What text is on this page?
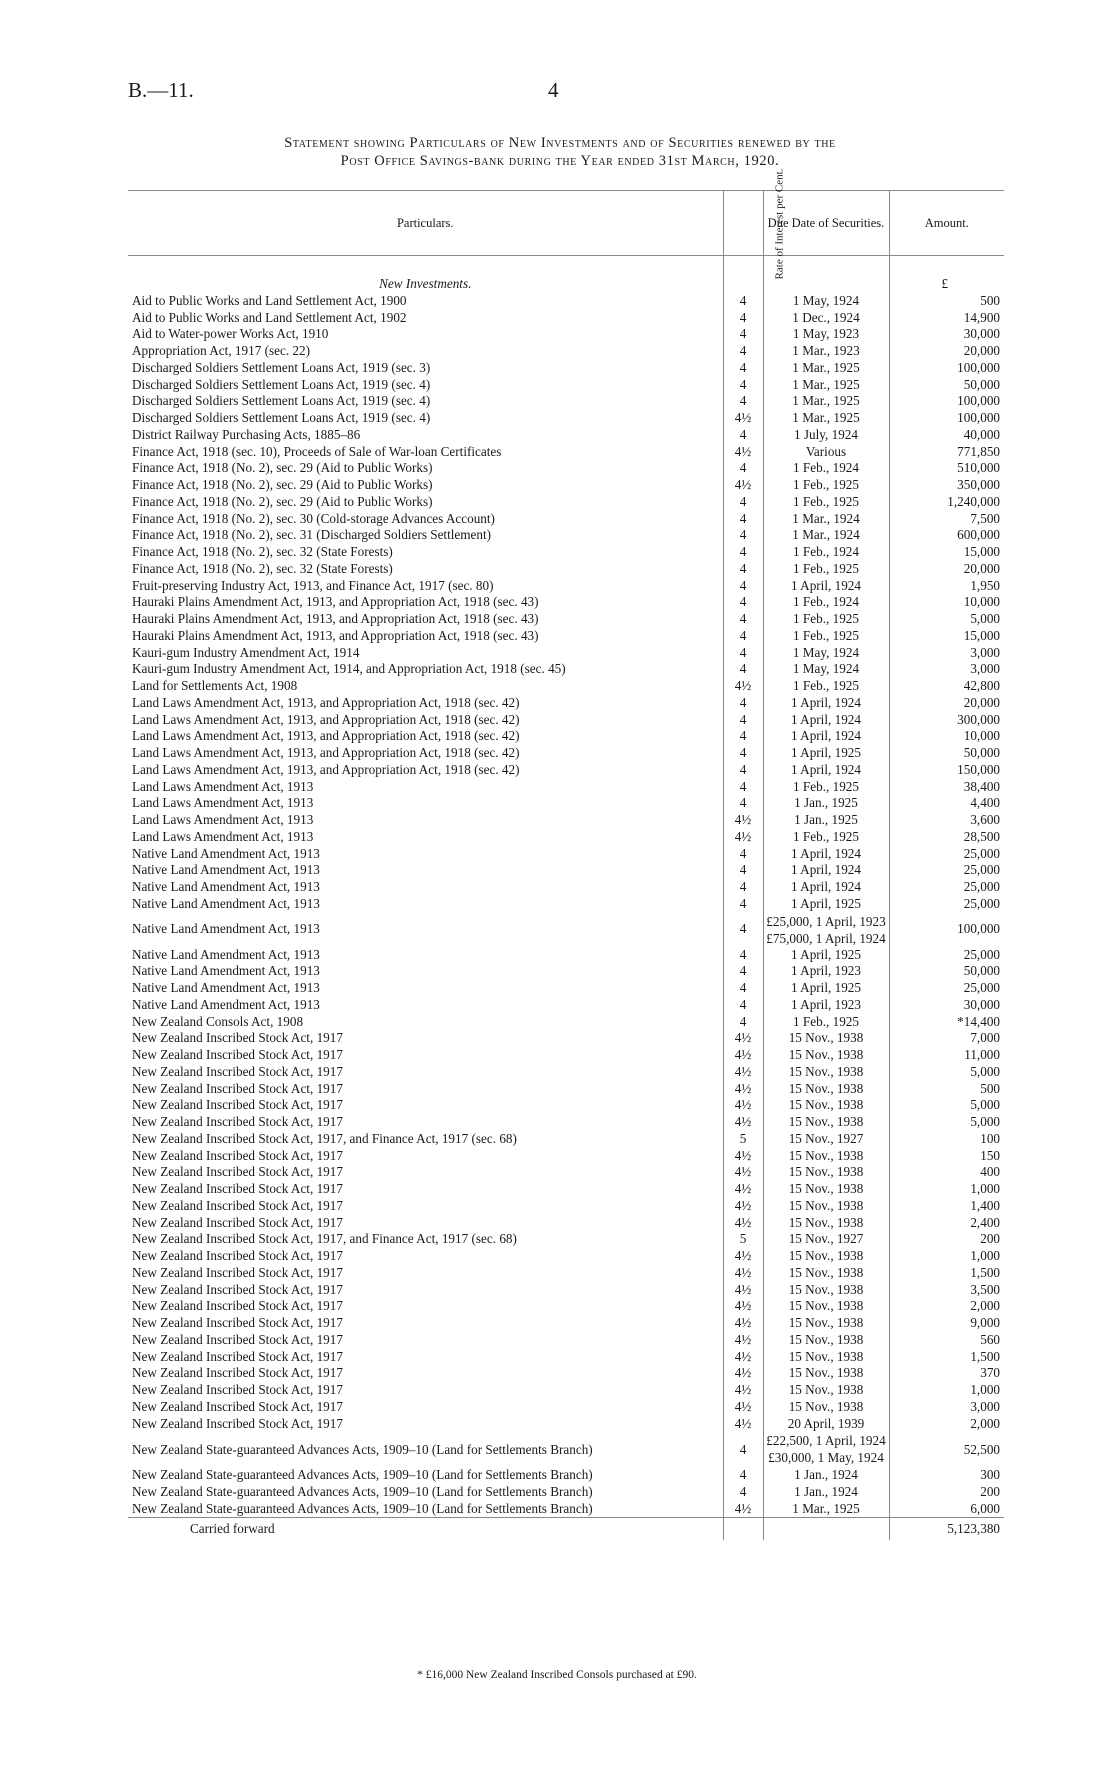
B.—11.	4
Statement showing Particulars of New Investments and of Securities renewed by the
Post Office Savings-bank during the Year ended 31st March, 1920.
Particulars.	Rate of Interest per Cent.	Due Date of Securities.	Amount.

New Investments.			£
Aid to Public Works and Land Settlement Act, 1900	4	1 May, 1924	500
Aid to Public Works and Land Settlement Act, 1902	4	1 Dec., 1924	14,900
Aid to Water-power Works Act, 1910	4	1 May, 1923	30,000
Appropriation Act, 1917 (sec. 22)	4	1 Mar., 1923	20,000
Discharged Soldiers Settlement Loans Act, 1919 (sec. 3)	4	1 Mar., 1925	100,000
Discharged Soldiers Settlement Loans Act, 1919 (sec. 4)	4	1 Mar., 1925	50,000
Discharged Soldiers Settlement Loans Act, 1919 (sec. 4)	4	1 Mar., 1925	100,000
Discharged Soldiers Settlement Loans Act, 1919 (sec. 4)	4½	1 Mar., 1925	100,000
District Railway Purchasing Acts, 1885–86	4	1 July, 1924	40,000
Finance Act, 1918 (sec. 10), Proceeds of Sale of War-loan Certificates	4½	Various	771,850
Finance Act, 1918 (No. 2), sec. 29 (Aid to Public Works)	4	1 Feb., 1924	510,000
Finance Act, 1918 (No. 2), sec. 29 (Aid to Public Works)	4½	1 Feb., 1925	350,000
Finance Act, 1918 (No. 2), sec. 29 (Aid to Public Works)	4	1 Feb., 1925	1,240,000
Finance Act, 1918 (No. 2), sec. 30 (Cold-storage Advances Account)	4	1 Mar., 1924	7,500
Finance Act, 1918 (No. 2), sec. 31 (Discharged Soldiers Settlement)	4	1 Mar., 1924	600,000
Finance Act, 1918 (No. 2), sec. 32 (State Forests)	4	1 Feb., 1924	15,000
Finance Act, 1918 (No. 2), sec. 32 (State Forests)	4	1 Feb., 1925	20,000
Fruit-preserving Industry Act, 1913, and Finance Act, 1917 (sec. 80)	4	1 April, 1924	1,950
Hauraki Plains Amendment Act, 1913, and Appropriation Act, 1918 (sec. 43)	4	1 Feb., 1924	10,000
Hauraki Plains Amendment Act, 1913, and Appropriation Act, 1918 (sec. 43)	4	1 Feb., 1925	5,000
Hauraki Plains Amendment Act, 1913, and Appropriation Act, 1918 (sec. 43)	4	1 Feb., 1925	15,000
Kauri-gum Industry Amendment Act, 1914	4	1 May, 1924	3,000
Kauri-gum Industry Amendment Act, 1914, and Appropriation Act, 1918 (sec. 45)	4	1 May, 1924	3,000
Land for Settlements Act, 1908	4½	1 Feb., 1925	42,800
Land Laws Amendment Act, 1913, and Appropriation Act, 1918 (sec. 42)	4	1 April, 1924	20,000
Land Laws Amendment Act, 1913, and Appropriation Act, 1918 (sec. 42)	4	1 April, 1924	300,000
Land Laws Amendment Act, 1913, and Appropriation Act, 1918 (sec. 42)	4	1 April, 1924	10,000
Land Laws Amendment Act, 1913, and Appropriation Act, 1918 (sec. 42)	4	1 April, 1925	50,000
Land Laws Amendment Act, 1913, and Appropriation Act, 1918 (sec. 42)	4	1 April, 1924	150,000
Land Laws Amendment Act, 1913	4	1 Feb., 1925	38,400
Land Laws Amendment Act, 1913	4	1 Jan., 1925	4,400
Land Laws Amendment Act, 1913	4½	1 Jan., 1925	3,600
Land Laws Amendment Act, 1913	4½	1 Feb., 1925	28,500
Native Land Amendment Act, 1913	4	1 April, 1924	25,000
Native Land Amendment Act, 1913	4	1 April, 1924	25,000
Native Land Amendment Act, 1913	4	1 April, 1924	25,000
Native Land Amendment Act, 1913	4	1 April, 1925	25,000
Native Land Amendment Act, 1913	4	£25,000, 1 April, 1923
£75,000, 1 April, 1924	100,000
Native Land Amendment Act, 1913	4	1 April, 1925	25,000
Native Land Amendment Act, 1913	4	1 April, 1923	50,000
Native Land Amendment Act, 1913	4	1 April, 1925	25,000
Native Land Amendment Act, 1913	4	1 April, 1923	30,000
New Zealand Consols Act, 1908	4	1 Feb., 1925	*14,400
New Zealand Inscribed Stock Act, 1917	4½	15 Nov., 1938	7,000
New Zealand Inscribed Stock Act, 1917	4½	15 Nov., 1938	11,000
New Zealand Inscribed Stock Act, 1917	4½	15 Nov., 1938	5,000
New Zealand Inscribed Stock Act, 1917	4½	15 Nov., 1938	500
New Zealand Inscribed Stock Act, 1917	4½	15 Nov., 1938	5,000
New Zealand Inscribed Stock Act, 1917	4½	15 Nov., 1938	5,000
New Zealand Inscribed Stock Act, 1917, and Finance Act, 1917 (sec. 68)	5	15 Nov., 1927	100
New Zealand Inscribed Stock Act, 1917	4½	15 Nov., 1938	150
New Zealand Inscribed Stock Act, 1917	4½	15 Nov., 1938	400
New Zealand Inscribed Stock Act, 1917	4½	15 Nov., 1938	1,000
New Zealand Inscribed Stock Act, 1917	4½	15 Nov., 1938	1,400
New Zealand Inscribed Stock Act, 1917	4½	15 Nov., 1938	2,400
New Zealand Inscribed Stock Act, 1917, and Finance Act, 1917 (sec. 68)	5	15 Nov., 1927	200
New Zealand Inscribed Stock Act, 1917	4½	15 Nov., 1938	1,000
New Zealand Inscribed Stock Act, 1917	4½	15 Nov., 1938	1,500
New Zealand Inscribed Stock Act, 1917	4½	15 Nov., 1938	3,500
New Zealand Inscribed Stock Act, 1917	4½	15 Nov., 1938	2,000
New Zealand Inscribed Stock Act, 1917	4½	15 Nov., 1938	9,000
New Zealand Inscribed Stock Act, 1917	4½	15 Nov., 1938	560
New Zealand Inscribed Stock Act, 1917	4½	15 Nov., 1938	1,500
New Zealand Inscribed Stock Act, 1917	4½	15 Nov., 1938	370
New Zealand Inscribed Stock Act, 1917	4½	15 Nov., 1938	1,000
New Zealand Inscribed Stock Act, 1917	4½	15 Nov., 1938	3,000
New Zealand Inscribed Stock Act, 1917	4½	20 April, 1939	2,000
New Zealand State-guaranteed Advances Acts, 1909–10 (Land for Settlements Branch)	4	£22,500, 1 April, 1924
£30,000, 1 May, 1924	52,500
New Zealand State-guaranteed Advances Acts, 1909–10 (Land for Settlements Branch)	4	1 Jan., 1924	300
New Zealand State-guaranteed Advances Acts, 1909–10 (Land for Settlements Branch)	4	1 Jan., 1924	200
New Zealand State-guaranteed Advances Acts, 1909–10 (Land for Settlements Branch)	4½	1 Mar., 1925	6,000
Carried forward			5,123,380
* £16,000 New Zealand Inscribed Consols purchased at £90.
